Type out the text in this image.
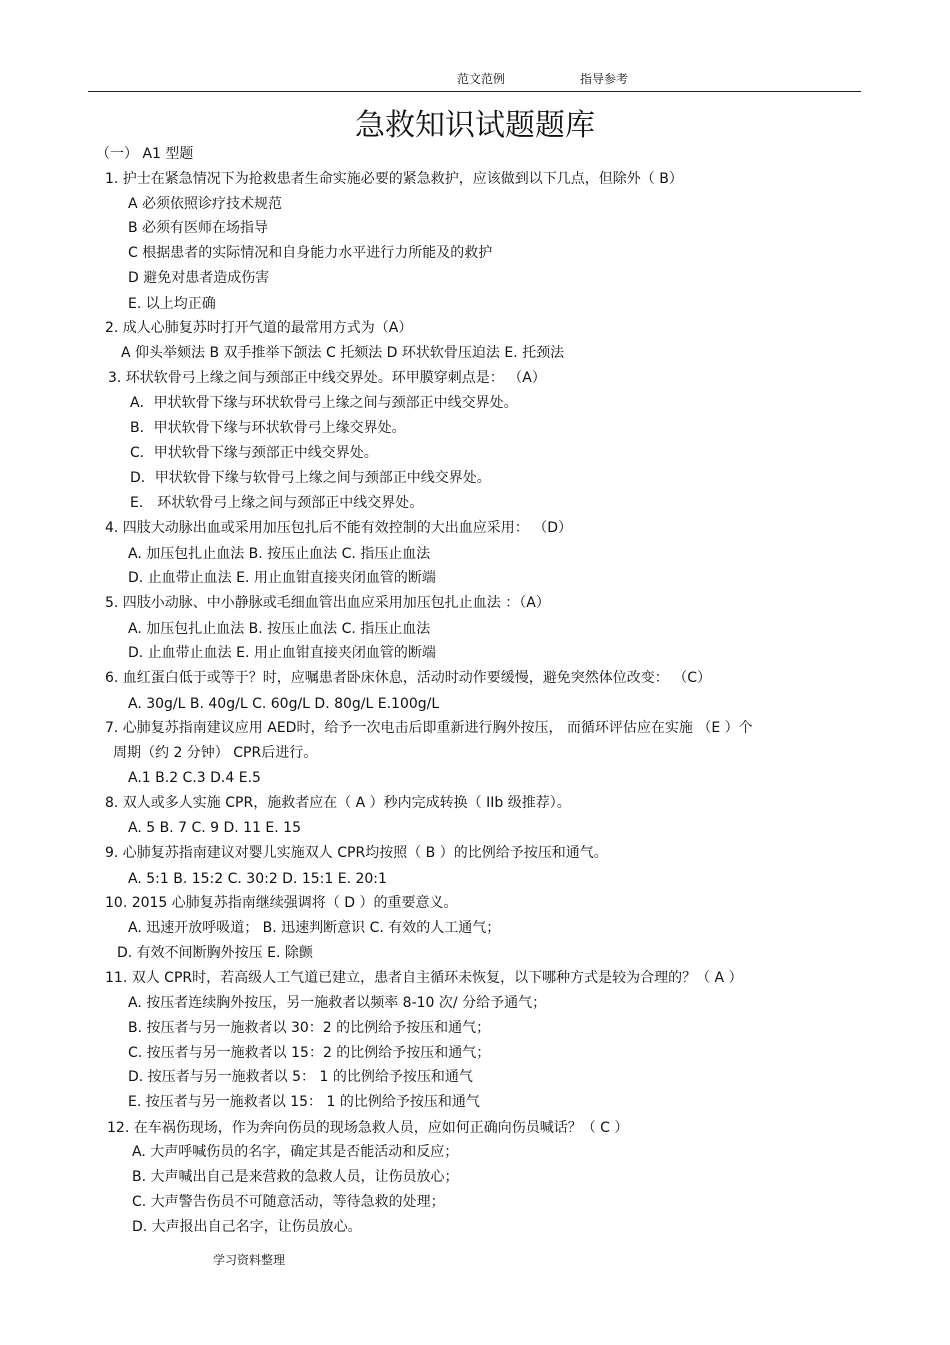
范文范例	指导参考
急救知识试题题库
（一） A1 型题
1. 护士在紧急情况下为抢救患者生命实施必要的紧急救护，应该做到以下几点，但除外（ B）
A 必须依照诊疗技术规范
B 必须有医师在场指导
C 根据患者的实际情况和自身能力水平进行力所能及的救护
D 避免对患者造成伤害
E. 以上均正确
2. 成人心肺复苏时打开气道的最常用方式为（A）
A 仰头举颏法 B 双手推举下颌法 C 托颏法 D 环状软骨压迫法 E. 托颈法
3. 环状软骨弓上缘之间与颈部正中线交界处。环甲膜穿刺点是： （A）
A．甲状软骨下缘与环状软骨弓上缘之间与颈部正中线交界处。
B．甲状软骨下缘与环状软骨弓上缘交界处。
C．甲状软骨下缘与颈部正中线交界处。
D．甲状软骨下缘与软骨弓上缘之间与颈部正中线交界处。
E． 环状软骨弓上缘之间与颈部正中线交界处。
4. 四肢大动脉出血或采用加压包扎后不能有效控制的大出血应采用： （D）
A. 加压包扎止血法 B. 按压止血法 C. 指压止血法
D. 止血带止血法 E. 用止血钳直接夹闭血管的断端
5. 四肢小动脉、中小静脉或毛细血管出血应采用加压包扎止血法 ：（A）
A. 加压包扎止血法 B. 按压止血法 C. 指压止血法
D. 止血带止血法 E. 用止血钳直接夹闭血管的断端
6. 血红蛋白低于或等于？时，应嘱患者卧床休息，活动时动作要缓慢，避免突然体位改变： （C）
A. 30g/L B. 40g/L C. 60g/L D. 80g/L E.100g/L
7. 心肺复苏指南建议应用 AED时，给予一次电击后即重新进行胸外按压， 而循环评估应在实施 （E ）个
周期（约 2 分钟） CPR后进行。
A.1 B.2 C.3 D.4 E.5
8. 双人或多人实施 CPR，施救者应在（ A ）秒内完成转换（ IIb 级推荐）。
A. 5 B. 7 C. 9 D. 11 E. 15
9. 心肺复苏指南建议对婴儿实施双人 CPR均按照（ B ）的比例给予按压和通气。
A. 5:1 B. 15:2 C. 30:2 D. 15:1 E. 20:1
10. 2015 心肺复苏指南继续强调将（ D ）的重要意义。
A. 迅速开放呼吸道； B. 迅速判断意识 C. 有效的人工通气；
D. 有效不间断胸外按压 E. 除颤
11. 双人 CPR时，若高级人工气道已建立，患者自主循环未恢复，以下哪种方式是较为合理的？（ A ）
A. 按压者连续胸外按压，另一施救者以频率 8-10 次/ 分给予通气；
B. 按压者与另一施救者以 30：2 的比例给予按压和通气；
C. 按压者与另一施救者以 15：2 的比例给予按压和通气；
D. 按压者与另一施救者以 5： 1 的比例给予按压和通气
E. 按压者与另一施救者以 15： 1 的比例给予按压和通气
12. 在车祸伤现场，作为奔向伤员的现场急救人员，应如何正确向伤员喊话？（ C ）
A. 大声呼喊伤员的名字，确定其是否能活动和反应；
B. 大声喊出自己是来营救的急救人员，让伤员放心；
C. 大声警告伤员不可随意活动，等待急救的处理；
D. 大声报出自己名字，让伤员放心。
学习资料整理
